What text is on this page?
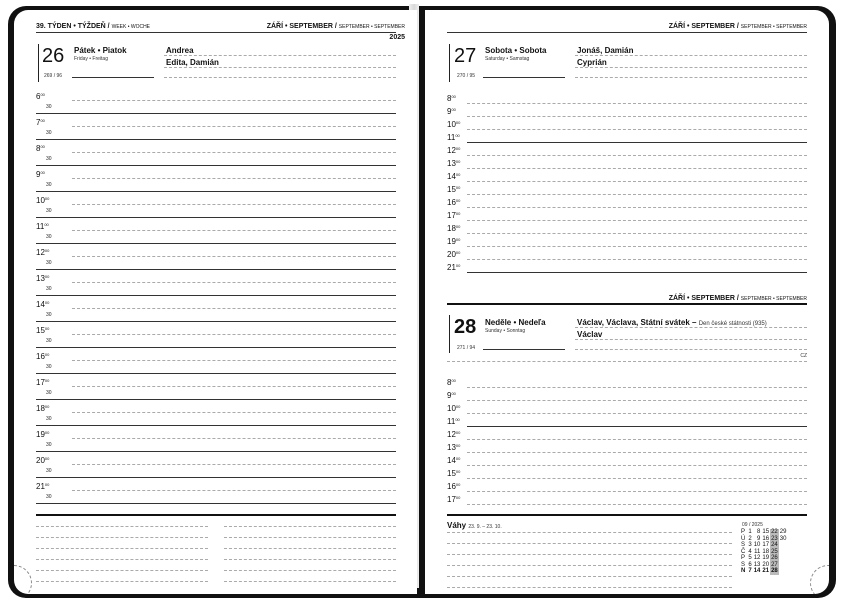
39. TÝDEN • TÝŽDEŇ / WEEK • WOCHE	ZÁŘÍ • SEPTEMBER / SEPTEMBER • SEPTEMBER
2025
26 Pátek • Piatok
Friday • Freitag
269 / 96
Andrea
Edita, Damián
$6^{00}$
30
$7^{00}$
30
$8^{00}$
30
$9^{00}$
30
$10^{00}$
30
$11^{00}$
30
$12^{00}$
30
$13^{00}$
30
$14^{00}$
30
$15^{00}$
30
$16^{00}$
30
$17^{00}$
30
$18^{00}$
30
$19^{00}$
30
$20^{00}$
30
$21^{00}$
30
ZÁŘÍ • SEPTEMBER / SEPTEMBER • SEPTEMBER
27 Sobota • Sobota
Saturday • Samstag
270 / 95
Jonáš, Damián
Cyprián
$8^{00}$
$9^{00}$
$10^{00}$
$11^{00}$
$12^{00}$
$13^{00}$
$14^{00}$
$15^{00}$
$16^{00}$
$17^{00}$
$18^{00}$
$19^{00}$
$20^{00}$
$21^{00}$
ZÁŘÍ • SEPTEMBER / SEPTEMBER • SEPTEMBER
28 Neděle • Nedeľa
Sunday • Sonntag
271 / 94
Václav, Václava, Státní svátek – Den české státnosti (935)
Václav
CZ
$8^{00}$
$9^{00}$
$10^{00}$
$11^{00}$
$12^{00}$
$13^{00}$
$14^{00}$
$15^{00}$
$16^{00}$
$17^{00}$
Váhy 23. 9. – 23. 10.	09 / 2025
P	1	8	15	22	29
Ú	2	9	16	23	30
S	3	10	17	24	
Č	4	11	18	25	
P	5	12	19	26	
S	6	13	20	27	
N	7	14	21	28	
